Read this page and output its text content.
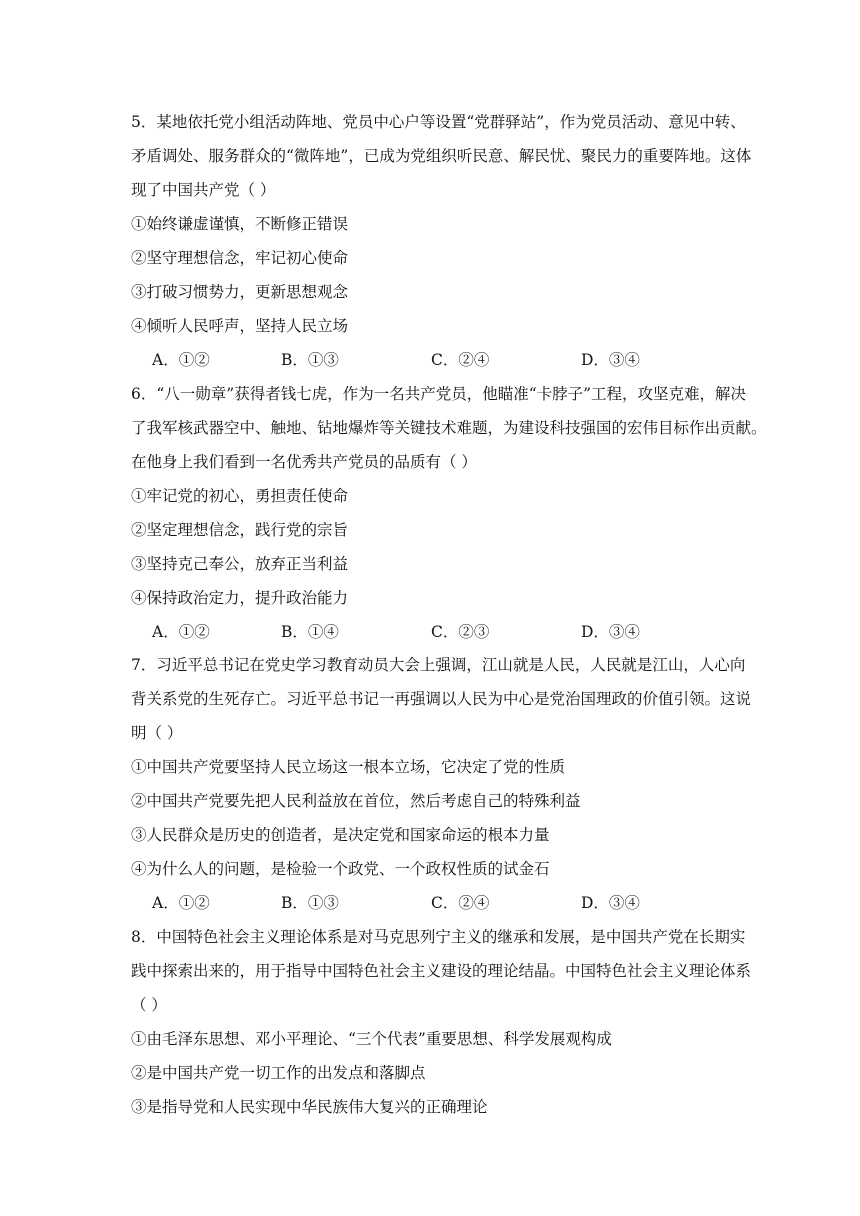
5．某地依托党小组活动阵地、党员中心户等设置“党群驿站”，作为党员活动、意见中转、
矛盾调处、服务群众的“微阵地”，已成为党组织听民意、解民忧、聚民力的重要阵地。这体
现了中国共产党（ ）
①始终谦虚谨慎，不断修正错误
②坚守理想信念，牢记初心使命
③打破习惯势力，更新思想观念
④倾听人民呼声，坚持人民立场
A．①②	B．①③	C．②④	D．③④
6．“八一勋章”获得者钱七虎，作为一名共产党员，他瞄准“卡脖子”工程，攻坚克难，解决
了我军核武器空中、触地、钻地爆炸等关键技术难题，为建设科技强国的宏伟目标作出贡献。
在他身上我们看到一名优秀共产党员的品质有（ ）
①牢记党的初心，勇担责任使命
②坚定理想信念，践行党的宗旨
③坚持克己奉公，放弃正当利益
④保持政治定力，提升政治能力
A．①②	B．①④	C．②③	D．③④
7．习近平总书记在党史学习教育动员大会上强调，江山就是人民，人民就是江山，人心向
背关系党的生死存亡。习近平总书记一再强调以人民为中心是党治国理政的价值引领。这说
明（ ）
①中国共产党要坚持人民立场这一根本立场，它决定了党的性质
②中国共产党要先把人民利益放在首位，然后考虑自己的特殊利益
③人民群众是历史的创造者，是决定党和国家命运的根本力量
④为什么人的问题，是检验一个政党、一个政权性质的试金石
A．①②	B．①③	C．②④	D．③④
8．中国特色社会主义理论体系是对马克思列宁主义的继承和发展，是中国共产党在长期实
践中探索出来的，用于指导中国特色社会主义建设的理论结晶。中国特色社会主义理论体系
（ ）
①由毛泽东思想、邓小平理论、“三个代表”重要思想、科学发展观构成
②是中国共产党一切工作的出发点和落脚点
③是指导党和人民实现中华民族伟大复兴的正确理论
